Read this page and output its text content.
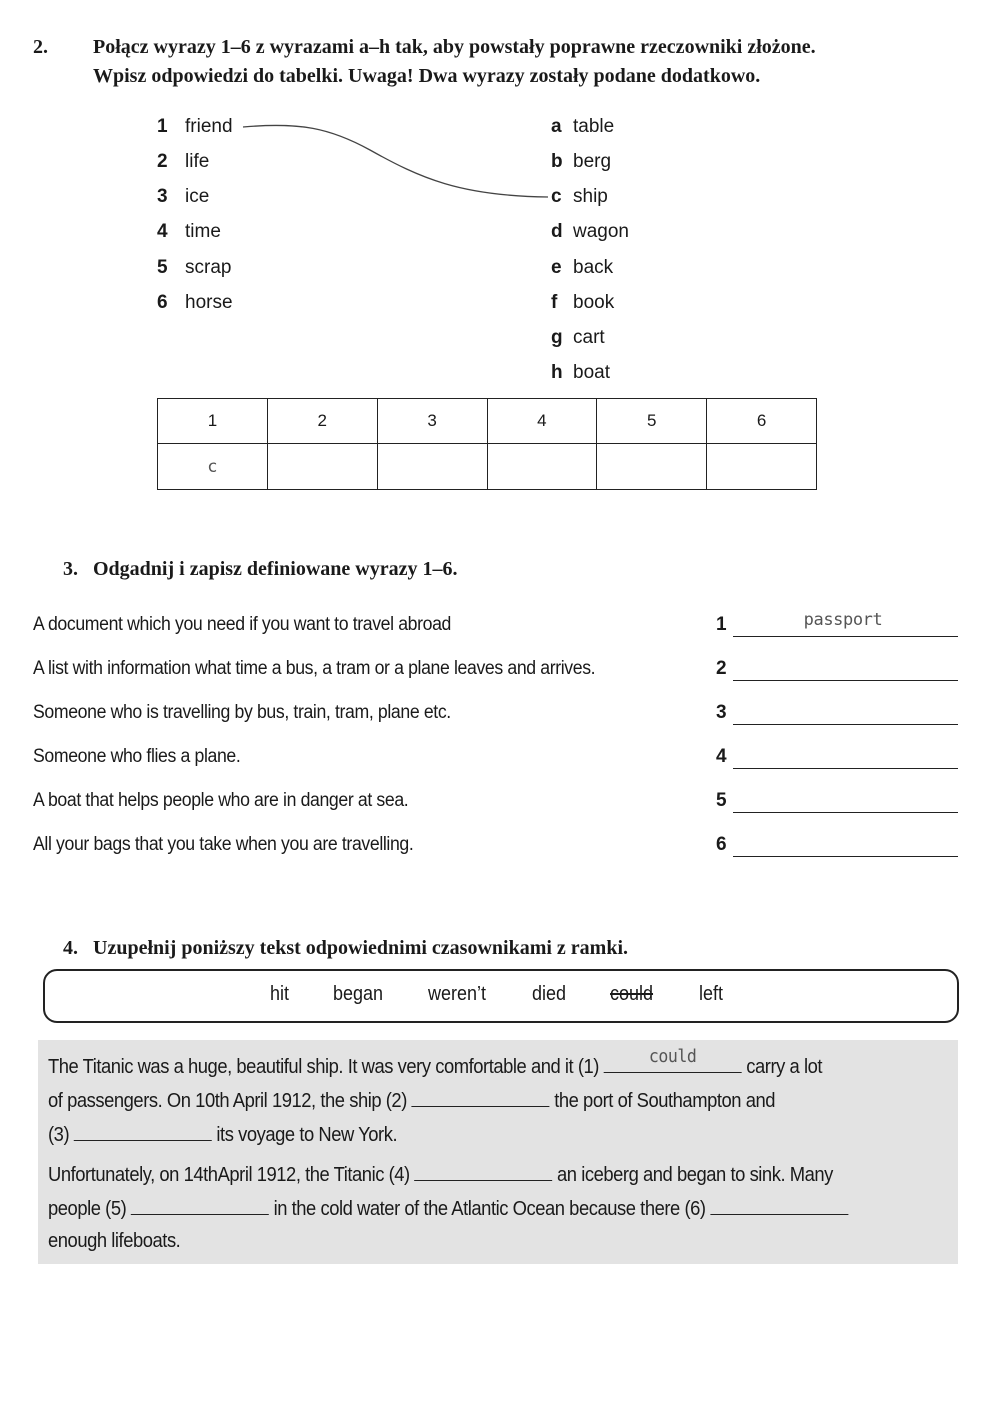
2. Połącz wyrazy 1–6 z wyrazami a–h tak, aby powstały poprawne rzeczowniki złożone.
Wpisz odpowiedzi do tabelki. Uwaga! Dwa wyrazy zostały podane dodatkowo.
1 friend
2 life
3 ice
4 time
5 scrap
6 horse
a table
b berg
c ship
d wagon
e back
f book
g cart
h boat
1	2	3	4	5	6
c					
3. Odgadnij i zapisz definiowane wyrazy 1–6.
A document which you need if you want to travel abroad	1	passport
A list with information what time a bus, a tram or a plane leaves and arrives.	2
Someone who is travelling by bus, train, tram, plane etc.	3
Someone who flies a plane.	4
A boat that helps people who are in danger at sea.	5
All your bags that you take when you are travelling.	6
4. Uzupełnij poniższy tekst odpowiednimi czasownikami z ramki.
hit began weren’t died could left
The Titanic was a huge, beautiful ship. It was very comfortable and it (1)	could	carry a lot
of passengers. On 10th April 1912, the ship (2)	the port of Southampton and
(3)	its voyage to New York.
Unfortunately, on 14thApril 1912, the Titanic (4)	an iceberg and began to sink. Many
people (5)	in the cold water of the Atlantic Ocean because there (6)
enough lifeboats.
